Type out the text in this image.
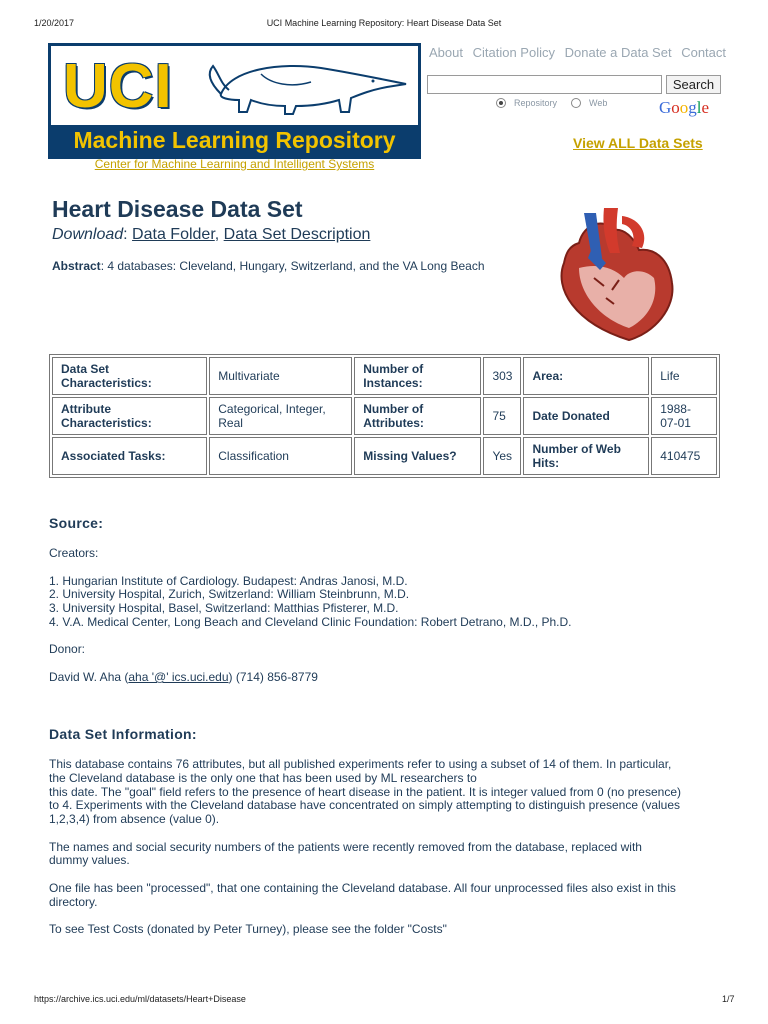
1/20/2017	UCI Machine Learning Repository: Heart Disease Data Set
UCI
Machine Learning Repository
Center for Machine Learning and Intelligent Systems
About Citation Policy Donate a Data Set Contact
Search
Repository	Web	Google
View ALL Data Sets
Heart Disease Data Set
Download: Data Folder, Data Set Description
Abstract: 4 databases: Cleveland, Hungary, Switzerland, and the VA Long Beach
Data Set Characteristics:	Multivariate	Number of Instances:	303	Area:	Life
Attribute Characteristics:	Categorical, Integer, Real	Number of Attributes:	75	Date Donated	1988-07-01
Associated Tasks:	Classification	Missing Values?	Yes	Number of Web Hits:	410475
Source:
Creators:
1. Hungarian Institute of Cardiology. Budapest: Andras Janosi, M.D.
2. University Hospital, Zurich, Switzerland: William Steinbrunn, M.D.
3. University Hospital, Basel, Switzerland: Matthias Pfisterer, M.D.
4. V.A. Medical Center, Long Beach and Cleveland Clinic Foundation: Robert Detrano, M.D., Ph.D.
Donor:
David W. Aha (aha '@' ics.uci.edu) (714) 856-8779
Data Set Information:
This database contains 76 attributes, but all published experiments refer to using a subset of 14 of them. In particular,
the Cleveland database is the only one that has been used by ML researchers to
this date. The "goal" field refers to the presence of heart disease in the patient. It is integer valued from 0 (no presence)
to 4. Experiments with the Cleveland database have concentrated on simply attempting to distinguish presence (values
1,2,3,4) from absence (value 0).
The names and social security numbers of the patients were recently removed from the database, replaced with
dummy values.
One file has been "processed", that one containing the Cleveland database. All four unprocessed files also exist in this
directory.
To see Test Costs (donated by Peter Turney), please see the folder "Costs"
https://archive.ics.uci.edu/ml/datasets/Heart+Disease	1/7
